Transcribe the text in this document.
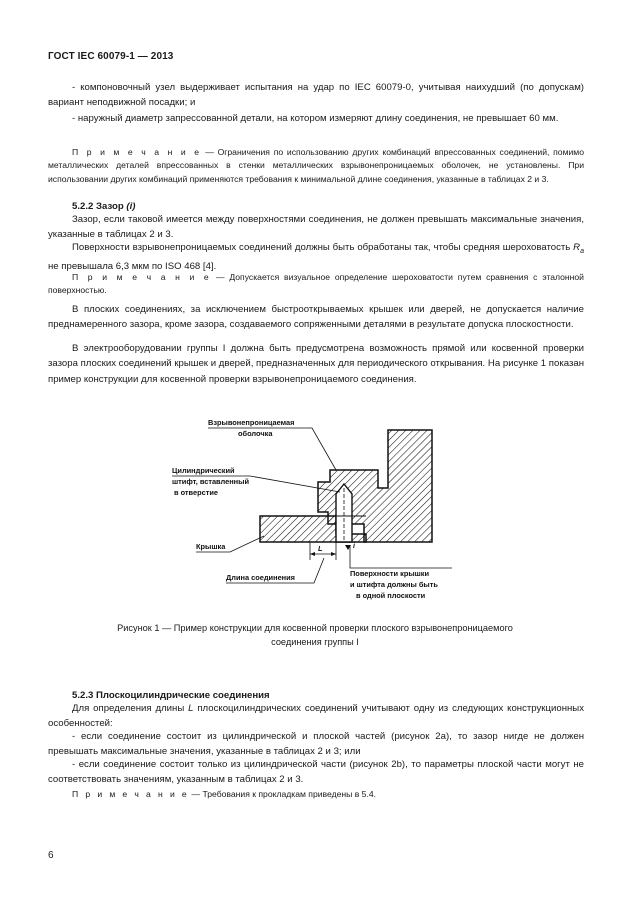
ГОСТ IEC 60079-1 — 2013
- компоновочный узел выдерживает испытания на удар по IEC 60079-0, учитывая наихудший (по допускам) вариант неподвижной посадки; и
- наружный диаметр запрессованной детали, на котором измеряют длину соединения, не превышает 60 мм.
П р и м е ч а н и е — Ограничения по использованию других комбинаций впрессованных соединений, помимо металлических деталей впрессованных в стенки металлических взрывонепроницаемых оболочек, не установлены. При использовании других комбинаций применяются требования к минимальной длине соединения, указанные в таблицах 2 и 3.
5.2.2 Зазор (i)
Зазор, если таковой имеется между поверхностями соединения, не должен превышать максимальные значения, указанные в таблицах 2 и 3.
Поверхности взрывонепроницаемых соединений должны быть обработаны так, чтобы средняя шероховатость $R_a$ не превышала 6,3 мкм по ISO 468 [4].
П р и м е ч а н и е — Допускается визуальное определение шероховатости путем сравнения с эталонной поверхностью.
В плоских соединениях, за исключением быстрооткрываемых крышек или дверей, не допускается наличие преднамеренного зазора, кроме зазора, создаваемого сопряженными деталями в результате допуска плоскостности.
В электрооборудовании группы I должна быть предусмотрена возможность прямой или косвенной проверки зазора плоских соединений крышек и дверей, предназначенных для периодического открывания. На рисунке 1 показан пример конструкции для косвенной проверки взрывонепроницаемого соединения.
L	i
Взрывонепроницаемая
оболочка
Цилиндрический
штифт, вставленный
в отверстие
Крышка
Длина соединения	Поверхности крышки
и штифта должны быть
в одной плоскости
Рисунок 1 — Пример конструкции для косвенной проверки плоского взрывонепроницаемого соединения группы I
5.2.3 Плоскоцилиндрические соединения
Для определения длины L плоскоцилиндрических соединений учитывают одну из следующих конструкционных особенностей:
- если соединение состоит из цилиндрической и плоской частей (рисунок 2а), то зазор нигде не должен превышать максимальные значения, указанные в таблицах 2 и 3; или
- если соединение состоит только из цилиндрической части (рисунок 2b), то параметры плоской части могут не соответствовать значениям, указанным в таблицах 2 и 3.
П р и м е ч а н и е — Требования к прокладкам приведены в 5.4.
6
